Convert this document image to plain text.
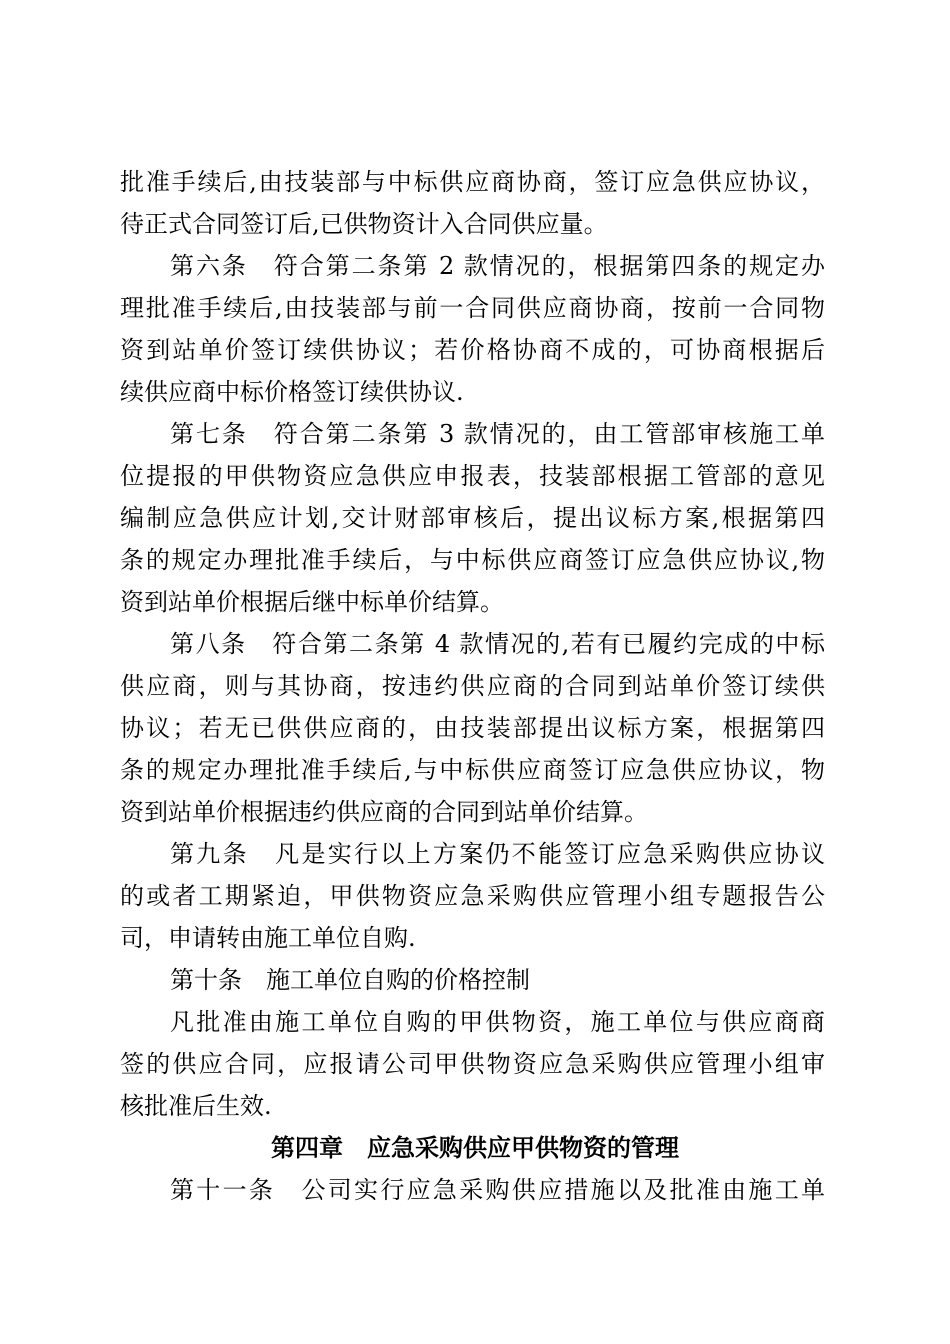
批准手续后,由技装部与中标供应商协商，签订应急供应协议，
待正式合同签订后,已供物资计入合同供应量。
第六条　符合第二条第 2 款情况的，根据第四条的规定办
理批准手续后,由技装部与前一合同供应商协商，按前一合同物
资到站单价签订续供协议；若价格协商不成的，可协商根据后
续供应商中标价格签订续供协议.
第七条　符合第二条第 3 款情况的，由工管部审核施工单
位提报的甲供物资应急供应申报表，技装部根据工管部的意见
编制应急供应计划,交计财部审核后，提出议标方案,根据第四
条的规定办理批准手续后，与中标供应商签订应急供应协议,物
资到站单价根据后继中标单价结算。
第八条　符合第二条第 4 款情况的,若有已履约完成的中标
供应商，则与其协商，按违约供应商的合同到站单价签订续供
协议；若无已供供应商的，由技装部提出议标方案，根据第四
条的规定办理批准手续后,与中标供应商签订应急供应协议，物
资到站单价根据违约供应商的合同到站单价结算。
第九条　凡是实行以上方案仍不能签订应急采购供应协议
的或者工期紧迫，甲供物资应急采购供应管理小组专题报告公
司，申请转由施工单位自购.
第十条　施工单位自购的价格控制
凡批准由施工单位自购的甲供物资，施工单位与供应商商
签的供应合同，应报请公司甲供物资应急采购供应管理小组审
核批准后生效.
第四章　应急采购供应甲供物资的管理
第十一条　公司实行应急采购供应措施以及批准由施工单
